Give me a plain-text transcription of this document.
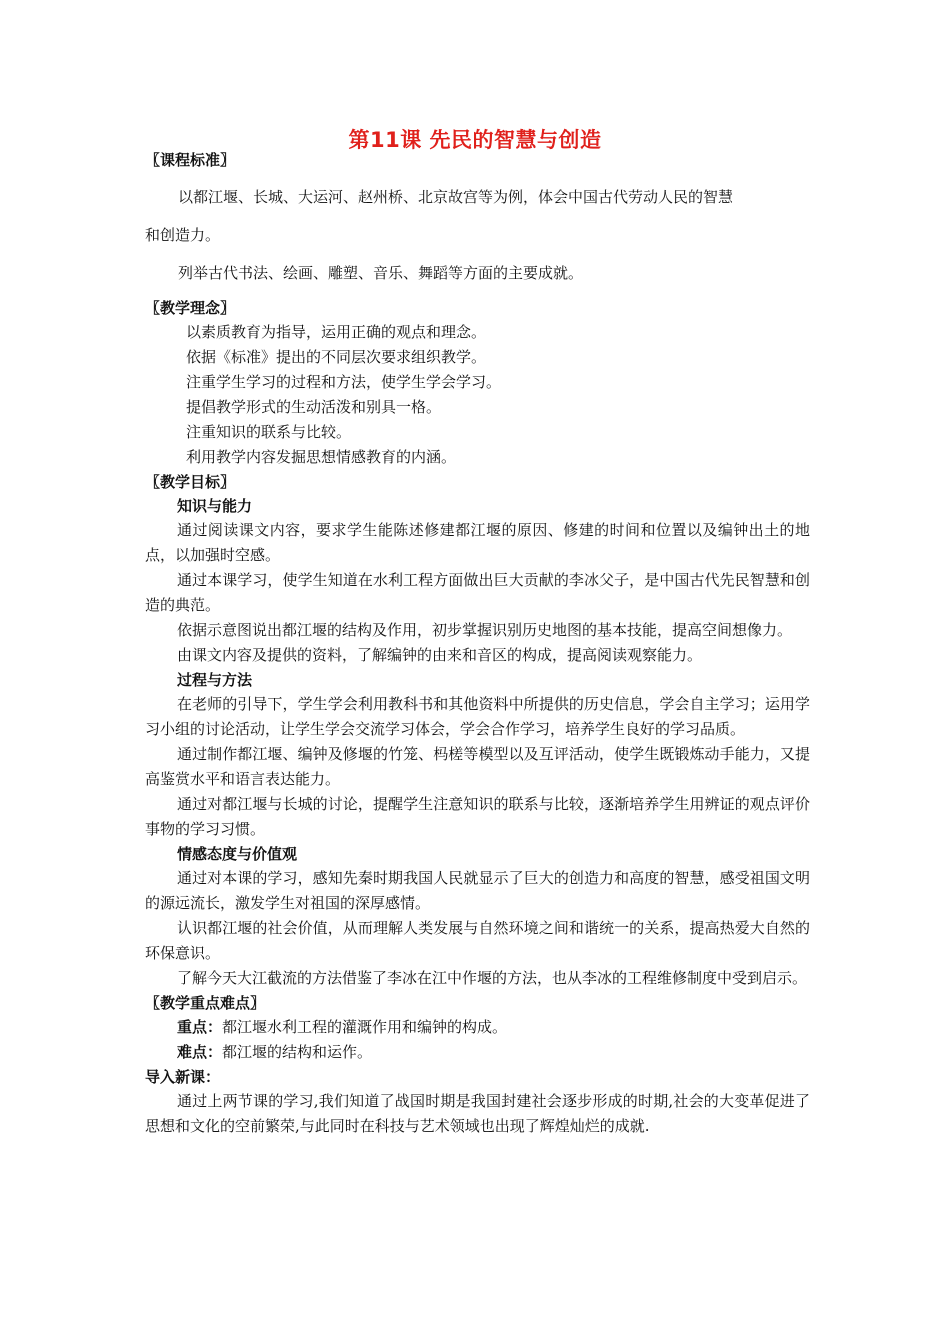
第11课 先民的智慧与创造
〖课程标准〗

以都江堰、长城、大运河、赵州桥、北京故宫等为例，体会中国古代劳动人民的智慧

和创造力。

列举古代书法、绘画、雕塑、音乐、舞蹈等方面的主要成就。

〖教学理念〗
以素质教育为指导，运用正确的观点和理念。
依据《标准》提出的不同层次要求组织教学。
注重学生学习的过程和方法，使学生学会学习。
提倡教学形式的生动活泼和别具一格。
注重知识的联系与比较。
利用教学内容发掘思想情感教育的内涵。
〖教学目标〗
知识与能力

通过阅读课文内容，要求学生能陈述修建都江堰的原因、修建的时间和位置以及编钟出土的地点，以加强时空感。

通过本课学习，使学生知道在水利工程方面做出巨大贡献的李冰父子，是中国古代先民智慧和创造的典范。

依据示意图说出都江堰的结构及作用，初步掌握识别历史地图的基本技能，提高空间想像力。

由课文内容及提供的资料，了解编钟的由来和音区的构成，提高阅读观察能力。

过程与方法

在老师的引导下，学生学会利用教科书和其他资料中所提供的历史信息，学会自主学习；运用学习小组的讨论活动，让学生学会交流学习体会，学会合作学习，培养学生良好的学习品质。

通过制作都江堰、编钟及修堰的竹笼、杩槎等模型以及互评活动，使学生既锻炼动手能力，又提高鉴赏水平和语言表达能力。

通过对都江堰与长城的讨论，提醒学生注意知识的联系与比较，逐渐培养学生用辨证的观点评价事物的学习习惯。

情感态度与价值观

通过对本课的学习，感知先秦时期我国人民就显示了巨大的创造力和高度的智慧，感受祖国文明的源远流长，激发学生对祖国的深厚感情。

认识都江堰的社会价值，从而理解人类发展与自然环境之间和谐统一的关系，提高热爱大自然的环保意识。

了解今天大江截流的方法借鉴了李冰在江中作堰的方法，也从李冰的工程维修制度中受到启示。

〖教学重点难点〗
重点：都江堰水利工程的灌溉作用和编钟的构成。
难点：都江堰的结构和运作。
导入新课：

通过上两节课的学习,我们知道了战国时期是我国封建社会逐步形成的时期,社会的大变革促进了思想和文化的空前繁荣,与此同时在科技与艺术领域也出现了辉煌灿烂的成就.
